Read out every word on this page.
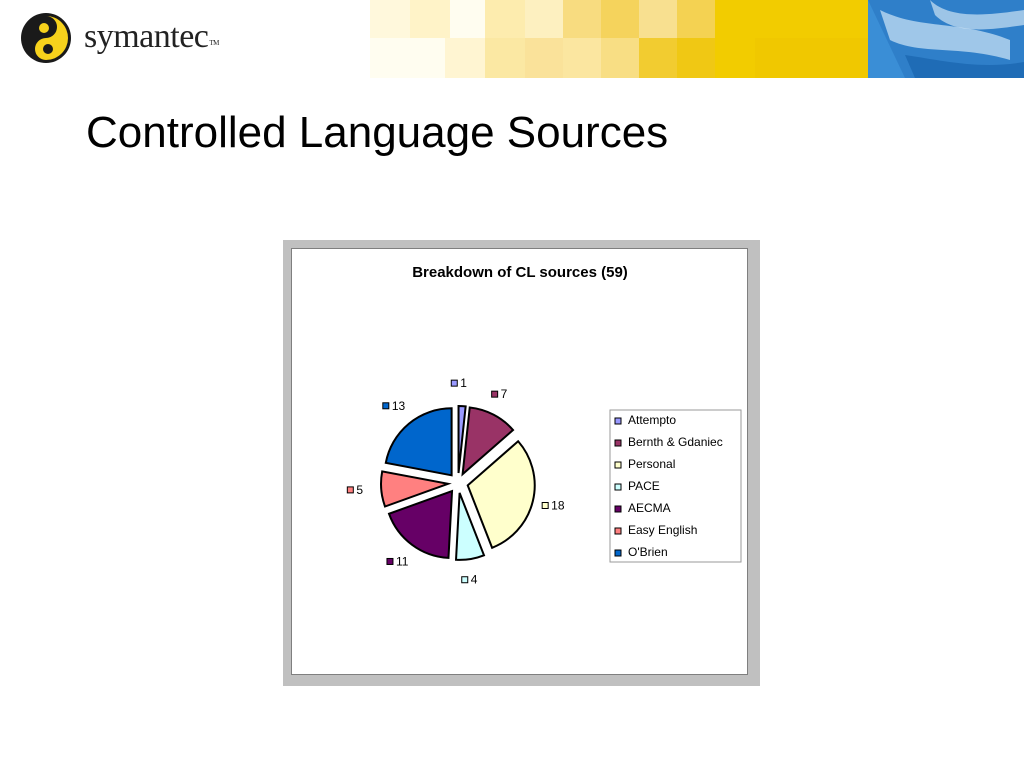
symantecTM
Controlled Language Sources
Breakdown of CL sources (59)
1
7
18
4
11
5
13
Attempto
Bernth & Gdaniec
Personal
PACE
AECMA
Easy English
O'Brien
